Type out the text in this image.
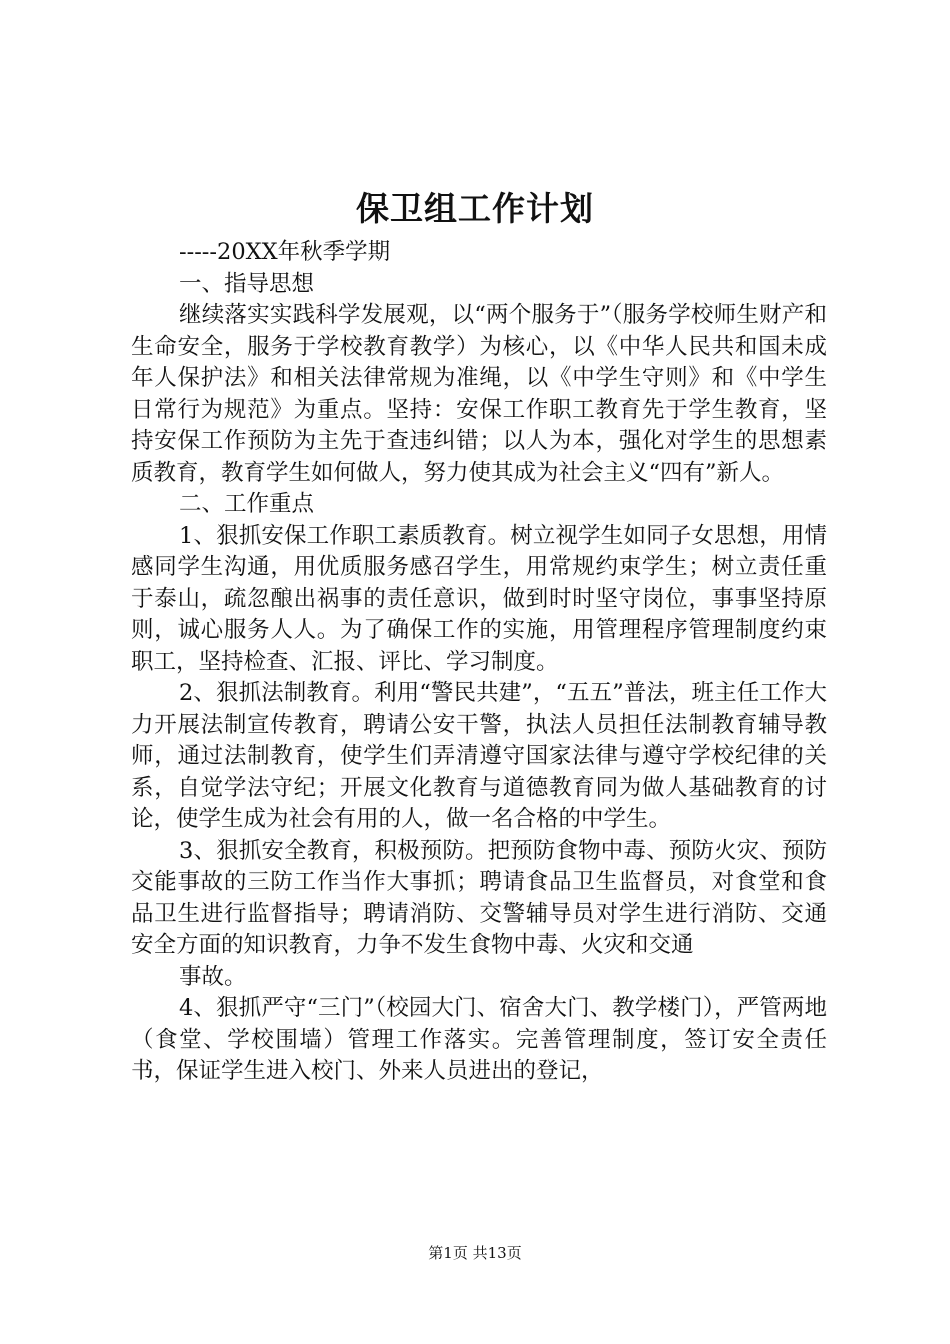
保卫组工作计划

-----20XX年秋季学期

一、指导思想

继续落实实践科学发展观，以“两个服务于”（服务学校师生财产和生命安全，服务于学校教育教学）为核心，以《中华人民共和国未成年人保护法》和相关法律常规为准绳，以《中学生守则》和《中学生日常行为规范》为重点。坚持：安保工作职工教育先于学生教育，坚持安保工作预防为主先于查违纠错；以人为本，强化对学生的思想素质教育，教育学生如何做人，努力使其成为社会主义“四有”新人。

二、工作重点

1、狠抓安保工作职工素质教育。树立视学生如同子女思想，用情感同学生沟通，用优质服务感召学生，用常规约束学生；树立责任重于泰山，疏忽酿出祸事的责任意识，做到时时坚守岗位，事事坚持原则，诚心服务人人。为了确保工作的实施，用管理程序管理制度约束职工，坚持检查、汇报、评比、学习制度。

2、狠抓法制教育。利用“警民共建”，“五五”普法，班主任工作大力开展法制宣传教育，聘请公安干警，执法人员担任法制教育辅导教师，通过法制教育，使学生们弄清遵守国家法律与遵守学校纪律的关系，自觉学法守纪；开展文化教育与道德教育同为做人基础教育的讨论，使学生成为社会有用的人，做一名合格的中学生。

3、狠抓安全教育，积极预防。把预防食物中毒、预防火灾、预防交能事故的三防工作当作大事抓；聘请食品卫生监督员，对食堂和食品卫生进行监督指导；聘请消防、交警辅导员对学生进行消防、交通安全方面的知识教育，力争不发生食物中毒、火灾和交通

事故。

4、狠抓严守“三门”（校园大门、宿舍大门、教学楼门），严管两地（食堂、学校围墙）管理工作落实。完善管理制度，签订安全责任书，保证学生进入校门、外来人员进出的登记，

第1页 共13页
